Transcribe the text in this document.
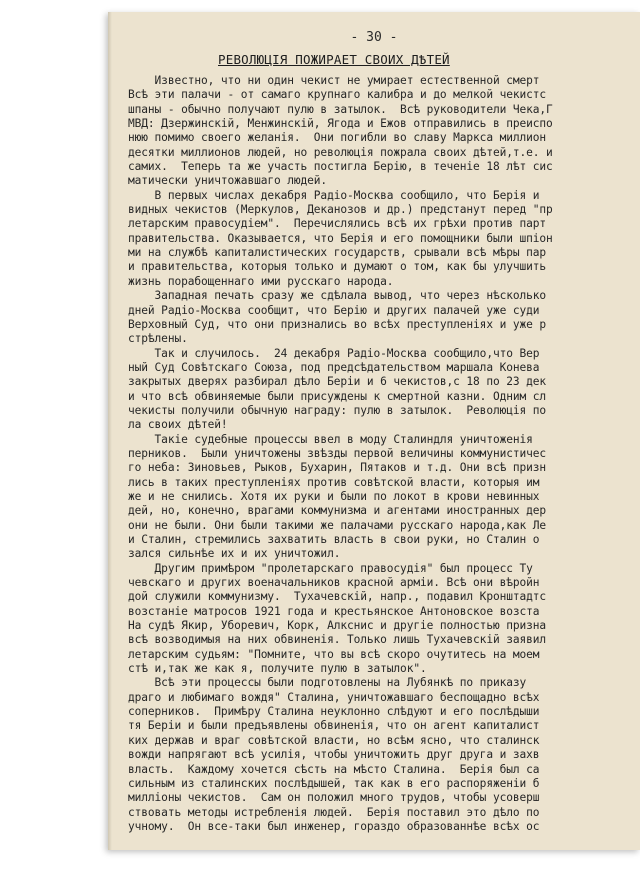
- 30 -
РЕВОЛЮЦIЯ ПОЖИРАЕТ СВОИХ ДѢТЕЙ
Известно, что ни один чекист не умирает естественной смерт
Всѣ эти палачи - от самаго крупнаго калибра и до мелкой чекистс
шпаны - обычно получают пулю в затылок.  Всѣ руководители Чека,Г
МВД: Дзержинскiй, Менжинскiй, Ягода и Ежов отправились в преиспо
нюю помимо своего желанiя.  Они погибли во славу Маркса миллион
десятки миллионов людей, но революцiя пожрала своих дѣтей,т.е. и
самих.  Теперь та же участь постигла Берiю, в теченiе 18 лѣт сис
матически уничтожавшаго людей.
В первых числах декабря Радiо-Москва сообщило, что Берiя и
видных чекистов (Меркулов, Деканозов и др.) предстанут перед "пр
летарским правосудiем".  Перечислялись всѣ их грѣхи против парт
правительства. Оказывается, что Берiя и его помощники были шпіон
ми на службѣ капиталистических государств, срывали всѣ мѣры пар
и правительства, которыя только и думают о том, как бы улучшить
жизнь порабощеннаго ими русскаго народа.
Западная печать сразу же сдѣлала вывод, что через нѣсколько
дней Радiо-Москва сообщит, что Берiю и других палачей уже суди
Верховный Суд, что они признались во всѣх преступленiях и уже р
стрѣлены.
Так и случилось.  24 декабря Радiо-Москва сообщило,что Вер
ный Суд Совѣтскаго Союза, под предсѣдательством маршала Конева
закрытых дверях разбирал дѣло Берiи и 6 чекистов,с 18 по 23 дек
и что всѣ обвиняемые были присуждены к смертной казни. Одним сл
чекисты получили обычную награду: пулю в затылок.  Революцiя по
ла своих дѣтей!
Такiе судебные процессы ввел в моду Сталиндля уничтоженiя
перников.  Были уничтожены звѣзды первой величины коммунистичес
го неба: Зиновьев, Рыков, Бухарин, Пятаков и т.д. Они всѣ призн
лись в таких преступленiях против совѣтской власти, которыя им
же и не снились. Хотя их руки и были по локот в крови невинных
дей, но, конечно, врагами коммунизма и агентами иностранных дер
они не были. Они были такими же палачами русскаго народа,как Ле
и Сталин, стремились захватить власть в свои руки, но Сталин о
зался сильнѣе их и их уничтожил.
Другим примѣром "пролетарскаго правосудiя" был процесс Ту
чевскаго и других военачальников красной армiи. Всѣ они вѣройн
дой служили коммунизму.  Тухачевскiй, напр., подавил Кронштадтс
возстанiе матросов 1921 года и крестьянское Антоновское возста
На судѣ Якир, Уборевич, Корк, Алкснис и другiе полностью призна
всѣ возводимыя на них обвиненiя. Только лишь Тухачевскiй заявил
летарским судьям: "Помните, что вы всѣ скоро очутитесь на моем
стѣ и,так же как я, получите пулю в затылок".
Всѣ эти процессы были подготовлены на Лубянкѣ по приказу
драго и любимаго вождя" Сталина, уничтожавшаго беспощадно всѣх
соперников.  Примѣру Сталина неуклонно слѣдуют и его послѣдыши
тя Берiи и были предъявлены обвиненiя, что он агент капиталист
ких держав и враг совѣтской власти, но всѣм ясно, что сталинск
вожди напрягают всѣ усилiя, чтобы уничтожить друг друга и захв
власть.  Каждому хочется сѣсть на мѣсто Сталина.  Берiя был са
сильным из сталинских послѣдышей, так как в его распоряженiи б
миллiоны чекистов.  Сам он положил много трудов, чтобы усоверш
ствовать методы истребленiя людей.  Берiя поставил это дѣло по
учному.  Он все-таки был инженер, гораздо образованнѣе всѣх ос
